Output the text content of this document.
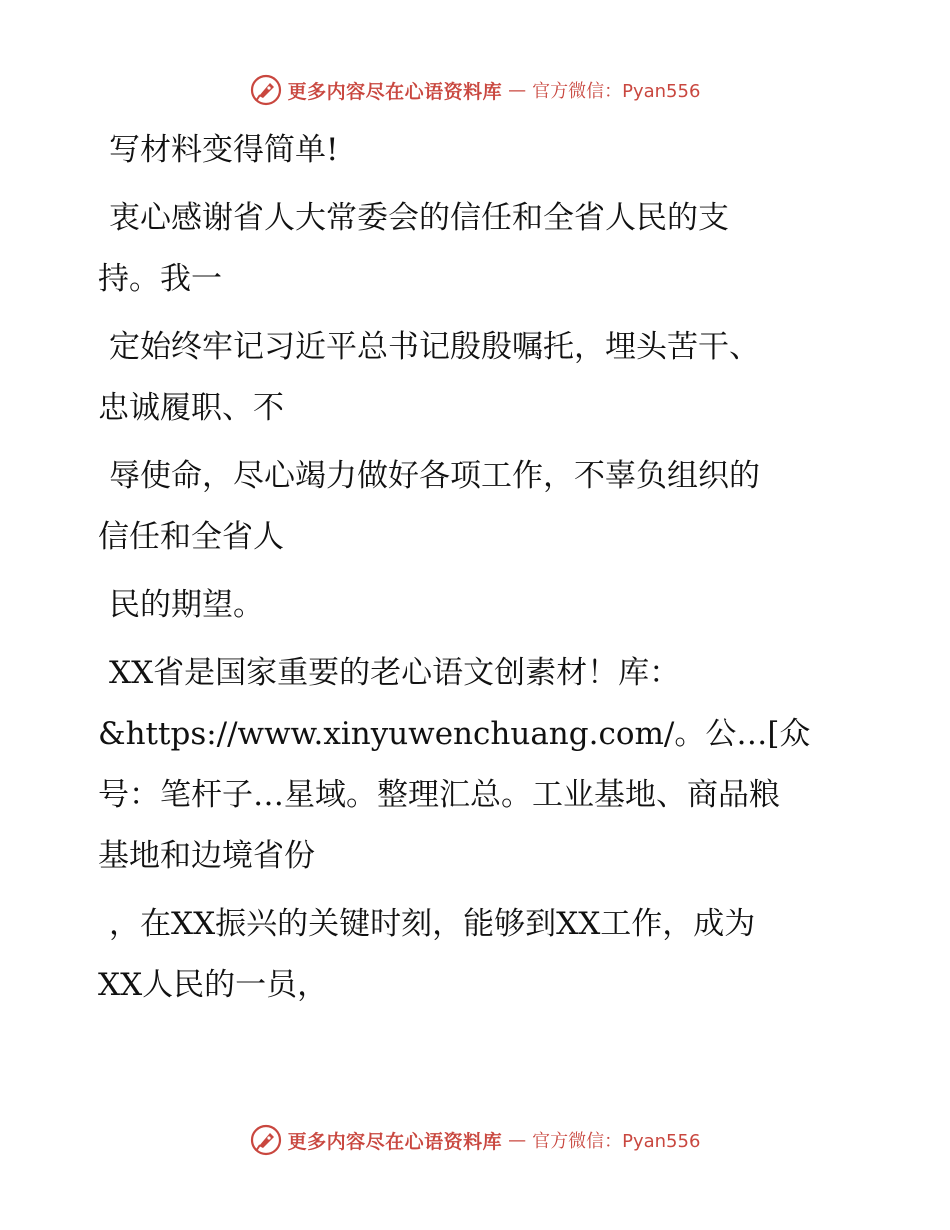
更多内容尽在心语资料库 — 官方微信：Pyan556
写材料变得简单!
衷心感谢省人大常委会的信任和全省人民的支
持。我一
定始终牢记习近平总书记殷殷嘱托，埋头苦干、
忠诚履职、不
辱使命，尽心竭力做好各项工作，不辜负组织的
信任和全省人
民的期望。
XX省是国家重要的老心语文创素材！库：
&https://www.xinyuwenchuang.com/。公…[众
号：笔杆子…星域。整理汇总。工业基地、商品粮
基地和边境省份
，在XX振兴的关键时刻，能够到XX工作，成为
XX人民的一员，
更多内容尽在心语资料库 — 官方微信：Pyan556
